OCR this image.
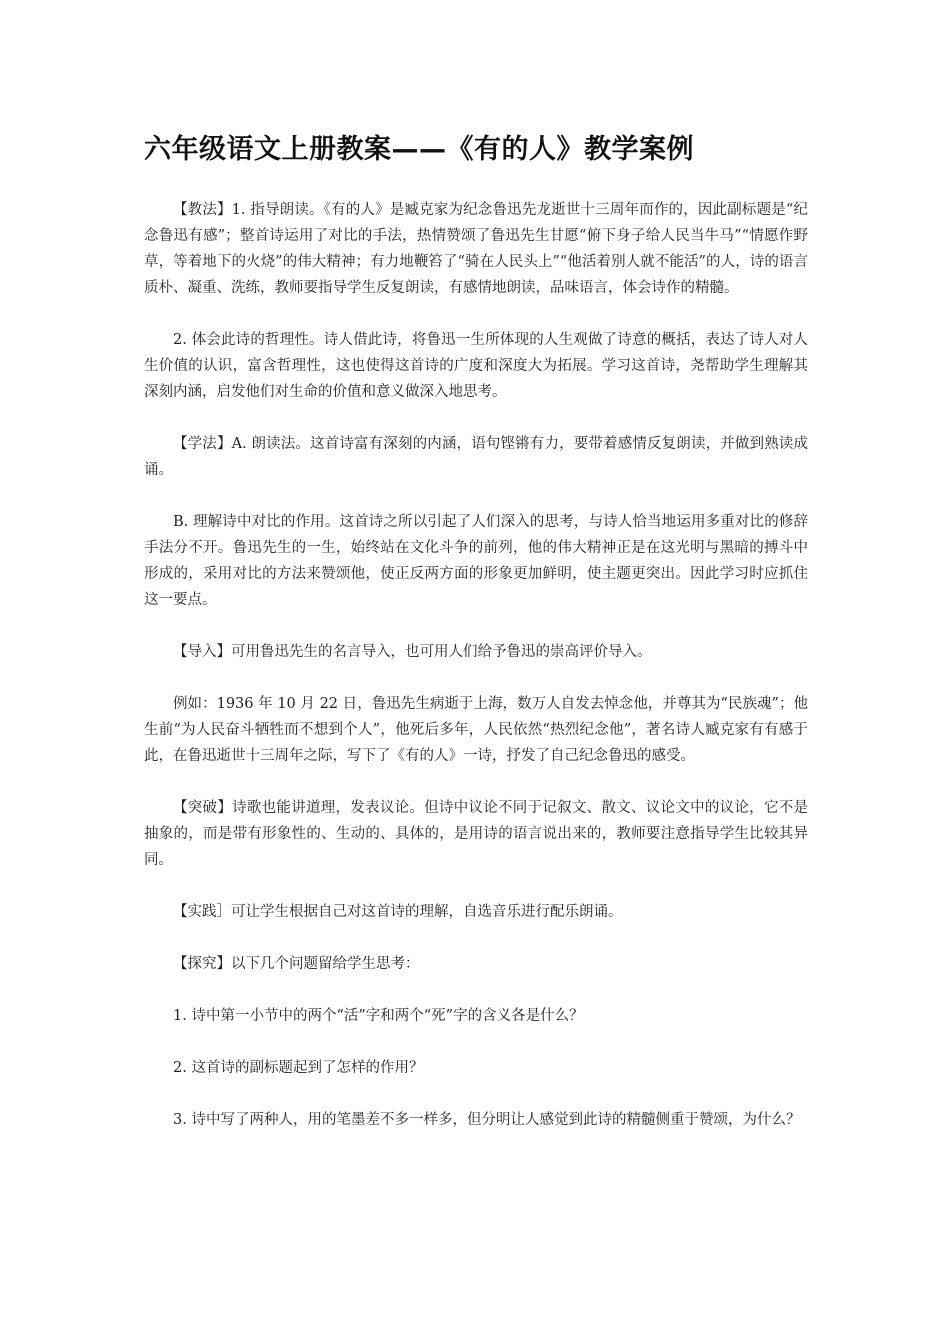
六年级语文上册教案——《有的人》教学案例

【教法】1. 指导朗读。《有的人》是臧克家为纪念鲁迅先龙逝世十三周年而作的，因此副标题是“纪念鲁迅有感”；整首诗运用了对比的手法，热情赞颂了鲁迅先生甘愿“俯下身子给人民当牛马”“情愿作野草，等着地下的火烧”的伟大精神；有力地鞭笞了“骑在人民头上”“他活着别人就不能活”的人，诗的语言质朴、凝重、洗练，教师要指导学生反复朗读，有感情地朗读，品味语言，体会诗作的精髓。

2. 体会此诗的哲理性。诗人借此诗，将鲁迅一生所体现的人生观做了诗意的概括，表达了诗人对人生价值的认识，富含哲理性，这也使得这首诗的广度和深度大为拓展。学习这首诗，尧帮助学生理解其深刻内涵，启发他们对生命的价值和意义做深入地思考。

【学法】A. 朗读法。这首诗富有深刻的内涵，语句铿锵有力，要带着感情反复朗读，并做到熟读成诵。

B. 理解诗中对比的作用。这首诗之所以引起了人们深入的思考，与诗人恰当地运用多重对比的修辞手法分不开。鲁迅先生的一生，始终站在文化斗争的前列，他的伟大精神正是在这光明与黑暗的搏斗中形成的，采用对比的方法来赞颂他，使正反两方面的形象更加鲜明，使主题更突出。因此学习时应抓住这一要点。

【导入】可用鲁迅先生的名言导入，也可用人们给予鲁迅的崇高评价导入。

例如：1936 年 10 月 22 日，鲁迅先生病逝于上海，数万人自发去悼念他，并尊其为“民族魂”；他生前“为人民奋斗牺牲而不想到个人”，他死后多年，人民依然“热烈纪念他”，著名诗人臧克家有有感于此，在鲁迅逝世十三周年之际，写下了《有的人》一诗，抒发了自己纪念鲁迅的感受。

【突破】诗歌也能讲道理，发表议论。但诗中议论不同于记叙文、散文、议论文中的议论，它不是抽象的，而是带有形象性的、生动的、具体的，是用诗的语言说出来的，教师要注意指导学生比较其异同。

【实践］可让学生根据自己对这首诗的理解，自选音乐进行配乐朗诵。

【探究】以下几个问题留给学生思考：

1. 诗中第一小节中的两个“活”字和两个“死”字的含义各是什么？

2. 这首诗的副标题起到了怎样的作用？

3. 诗中写了两种人，用的笔墨差不多一样多，但分明让人感觉到此诗的精髓侧重于赞颂，为什么？
